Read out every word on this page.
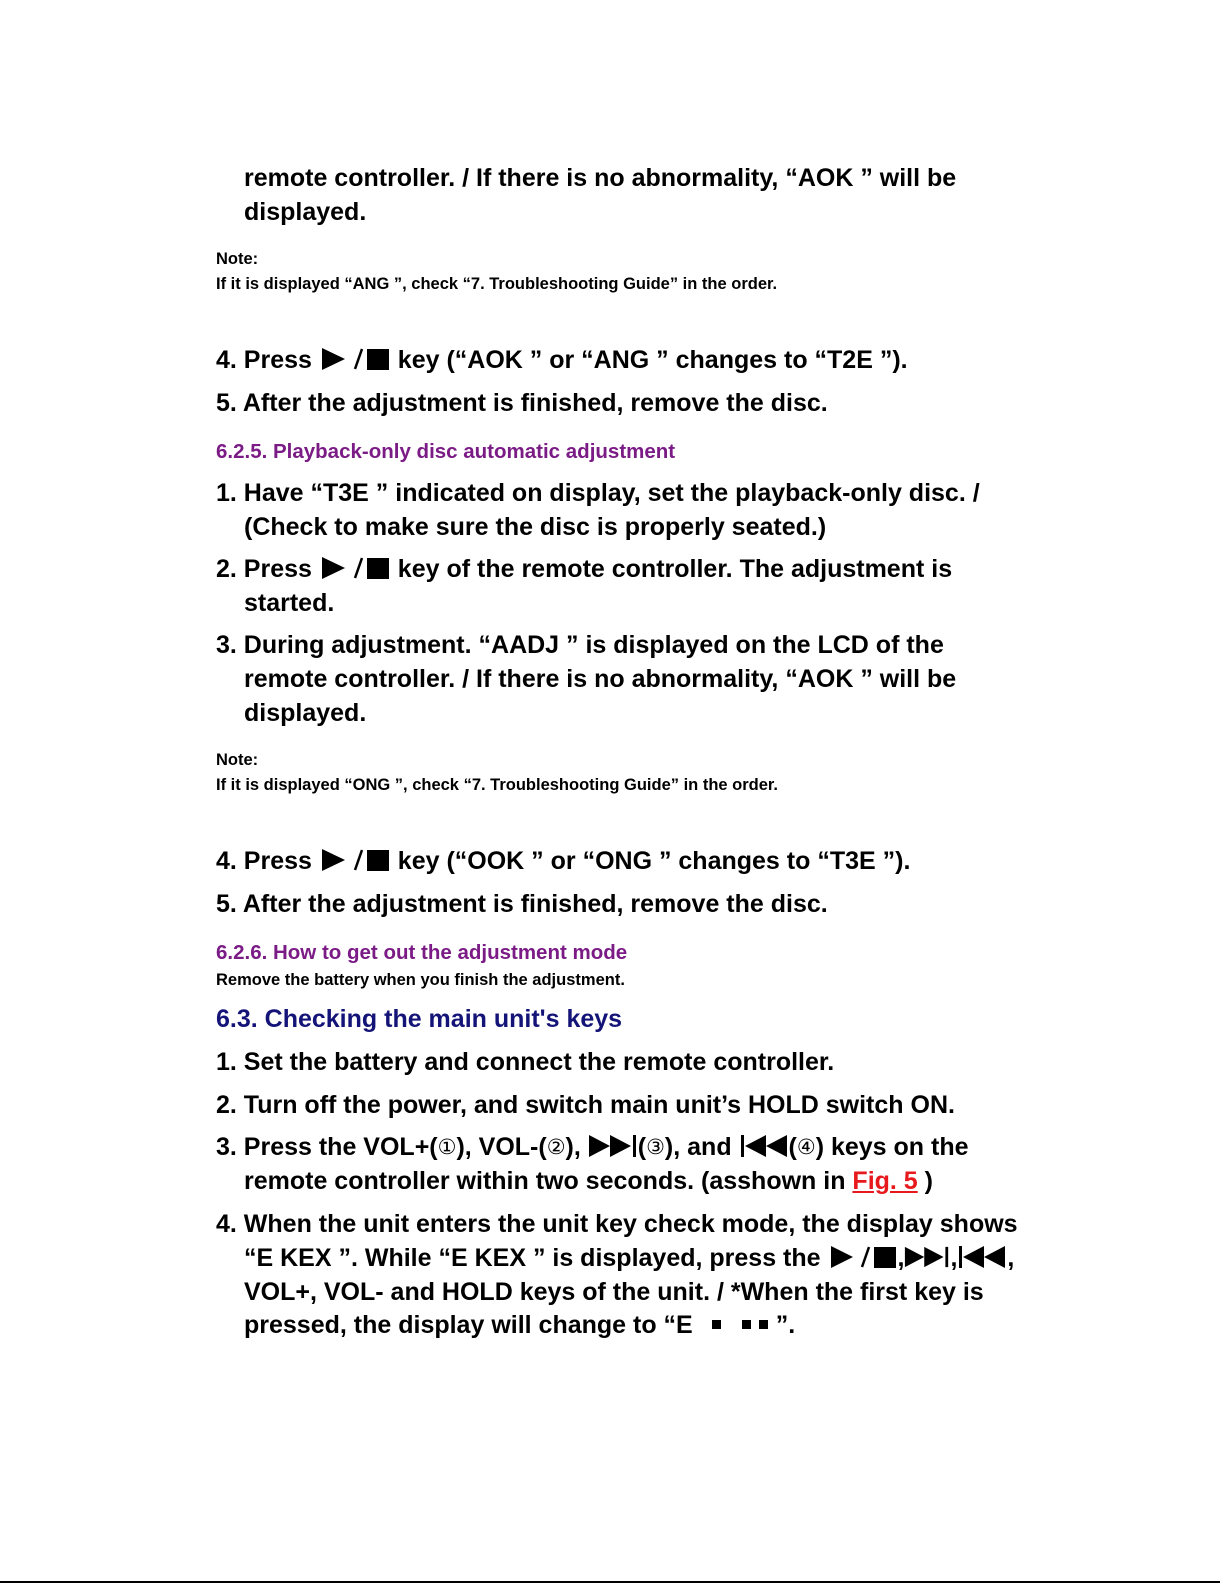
remote controller. / If there is no abnormality, “AOK ” will be
displayed.
Note:
If it is displayed “ANG ”, check “7. Troubleshooting Guide” in the order.
4. Press	key (“AOK ” or “ANG ” changes to “T2E ”).
5. After the adjustment is finished, remove the disc.
6.2.5. Playback-only disc automatic adjustment
1. Have “T3E ” indicated on display, set the playback-only disc. /
(Check to make sure the disc is properly seated.)
2. Press	key of the remote controller. The adjustment is
started.
3. During adjustment. “AADJ ” is displayed on the LCD of the
remote controller. / If there is no abnormality, “AOK ” will be
displayed.
Note:
If it is displayed “ONG ”, check “7. Troubleshooting Guide” in the order.
4. Press	key (“OOK ” or “ONG ” changes to “T3E ”).
5. After the adjustment is finished, remove the disc.
6.2.6. How to get out the adjustment mode
Remove the battery when you finish the adjustment.
6.3. Checking the main unit's keys
1. Set the battery and connect the remote controller.
2. Turn off the power, and switch main unit’s HOLD switch ON.
3. Press the VOL+(①), VOL-(②), (③), and (④) keys on the
remote controller within two seconds. (asshown in Fig. 5 )
4. When the unit enters the unit key check mode, the display shows
“E KEX ”. While “E KEX ” is displayed, press the	, , ,
VOL+, VOL- and HOLD keys of the unit. / *When the first key is
pressed, the display will change to “E	”.
